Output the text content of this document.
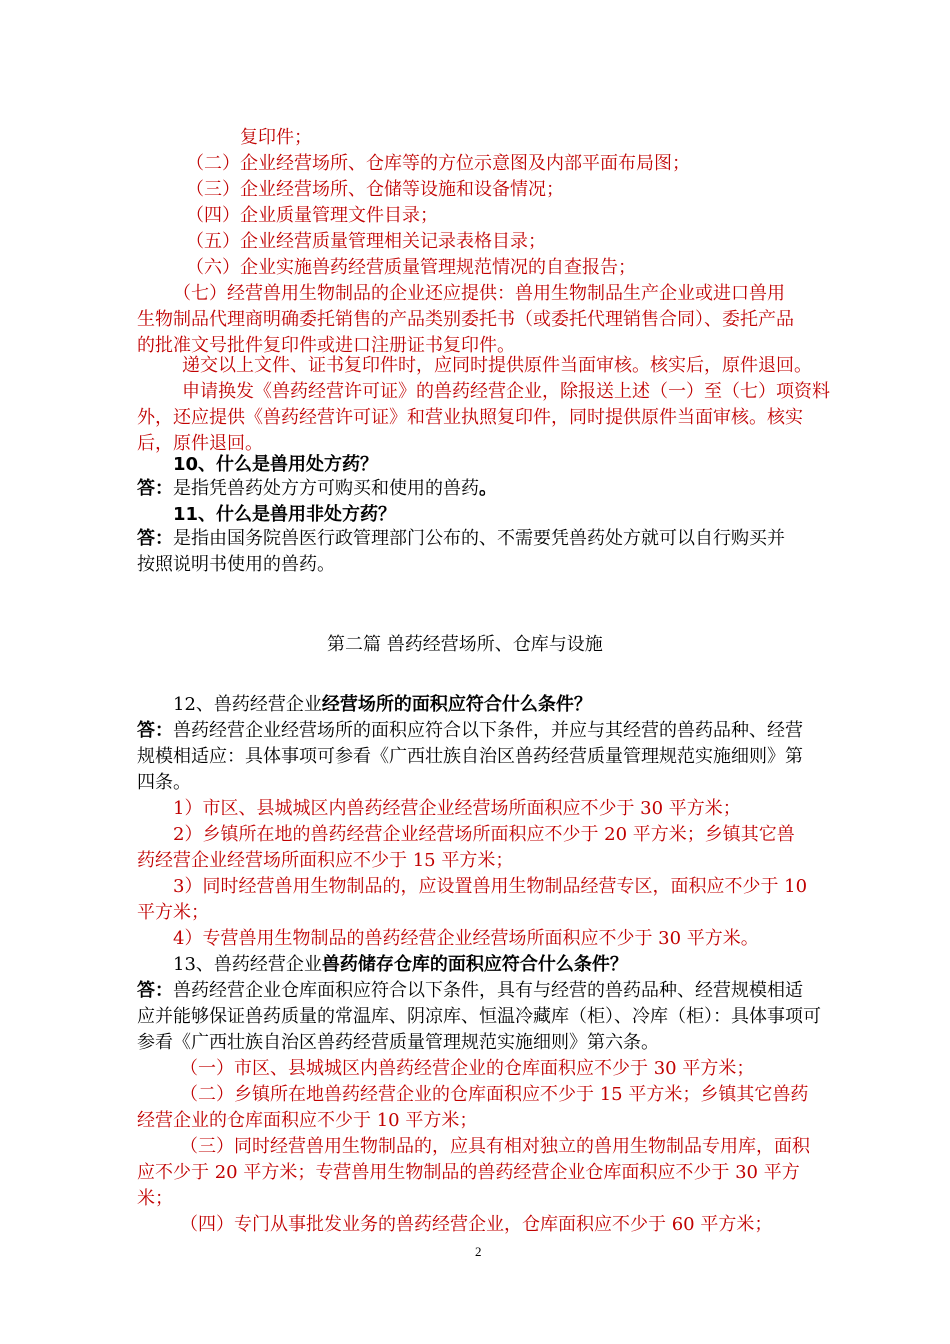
复印件；
（二）企业经营场所、仓库等的方位示意图及内部平面布局图；
（三）企业经营场所、仓储等设施和设备情况；
（四）企业质量管理文件目录；
（五）企业经营质量管理相关记录表格目录；
（六）企业实施兽药经营质量管理规范情况的自查报告；
（七）经营兽用生物制品的企业还应提供：兽用生物制品生产企业或进口兽用
生物制品代理商明确委托销售的产品类别委托书（或委托代理销售合同）、委托产品
的批准文号批件复印件或进口注册证书复印件。
递交以上文件、证书复印件时，应同时提供原件当面审核。核实后，原件退回。
申请换发《兽药经营许可证》的兽药经营企业，除报送上述（一）至（七）项资料
外，还应提供《兽药经营许可证》和营业执照复印件，同时提供原件当面审核。核实
后，原件退回。
10、什么是兽用处方药？
答：是指凭兽药处方方可购买和使用的兽药。
11、什么是兽用非处方药？
答：是指由国务院兽医行政管理部门公布的、不需要凭兽药处方就可以自行购买并
按照说明书使用的兽药。
第二篇 兽药经营场所、仓库与设施
12、兽药经营企业经营场所的面积应符合什么条件？
答：兽药经营企业经营场所的面积应符合以下条件，并应与其经营的兽药品种、经营
规模相适应：具体事项可参看《广西壮族自治区兽药经营质量管理规范实施细则》第
四条。
1）市区、县城城区内兽药经营企业经营场所面积应不少于 30 平方米；
2）乡镇所在地的兽药经营企业经营场所面积应不少于 20 平方米；乡镇其它兽
药经营企业经营场所面积应不少于 15 平方米；
3）同时经营兽用生物制品的，应设置兽用生物制品经营专区，面积应不少于 10
平方米；
4）专营兽用生物制品的兽药经营企业经营场所面积应不少于 30 平方米。
13、兽药经营企业兽药储存仓库的面积应符合什么条件？
答：兽药经营企业仓库面积应符合以下条件，具有与经营的兽药品种、经营规模相适
应并能够保证兽药质量的常温库、阴凉库、恒温冷藏库（柜）、冷库（柜）：具体事项可
参看《广西壮族自治区兽药经营质量管理规范实施细则》第六条。
（一）市区、县城城区内兽药经营企业的仓库面积应不少于 30 平方米；
（二）乡镇所在地兽药经营企业的仓库面积应不少于 15 平方米；乡镇其它兽药
经营企业的仓库面积应不少于 10 平方米；
（三）同时经营兽用生物制品的，应具有相对独立的兽用生物制品专用库，面积
应不少于 20 平方米；专营兽用生物制品的兽药经营企业仓库面积应不少于 30 平方
米；
（四）专门从事批发业务的兽药经营企业，仓库面积应不少于 60 平方米；
2
